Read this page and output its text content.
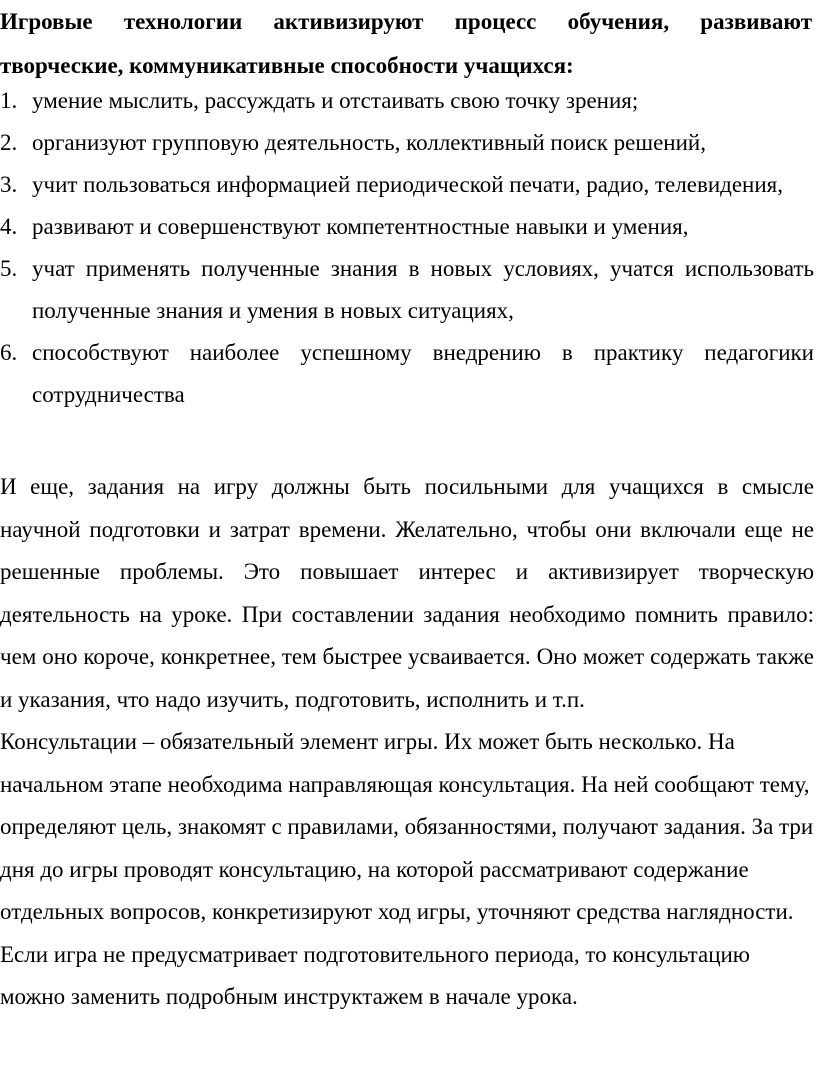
Игровые технологии активизируют процесс обучения, развивают творческие, коммуникативные способности учащихся:

1. умение мыслить, рассуждать и отстаивать свою точку зрения;
2. организуют групповую деятельность, коллективный поиск решений,
3. учит пользоваться информацией периодической печати, радио, телевидения,
4. развивают и совершенствуют компетентностные навыки и умения,
5. учат применять полученные знания в новых условиях, учатся использовать полученные знания и умения в новых ситуациях,
6. способствуют наиболее успешному внедрению в практику педагогики сотрудничества

И еще, задания на игру должны быть посильными для учащихся в смысле научной подготовки и затрат времени. Желательно, чтобы они включали еще не решенные проблемы. Это повышает интерес и активизирует творческую деятельность на уроке. При составлении задания необходимо помнить правило: чем оно короче, конкретнее, тем быстрее усваивается. Оно может содержать также и указания, что надо изучить, подготовить, исполнить и т.п.

Консультации – обязательный элемент игры. Их может быть несколько. На начальном этапе необходима направляющая консультация. На ней сообщают тему, определяют цель, знакомят с правилами, обязанностями, получают задания. За три дня до игры проводят консультацию, на которой рассматривают содержание отдельных вопросов, конкретизируют ход игры, уточняют средства наглядности. Если игра не предусматривает подготовительного периода, то консультацию можно заменить подробным инструктажем в начале урока.
